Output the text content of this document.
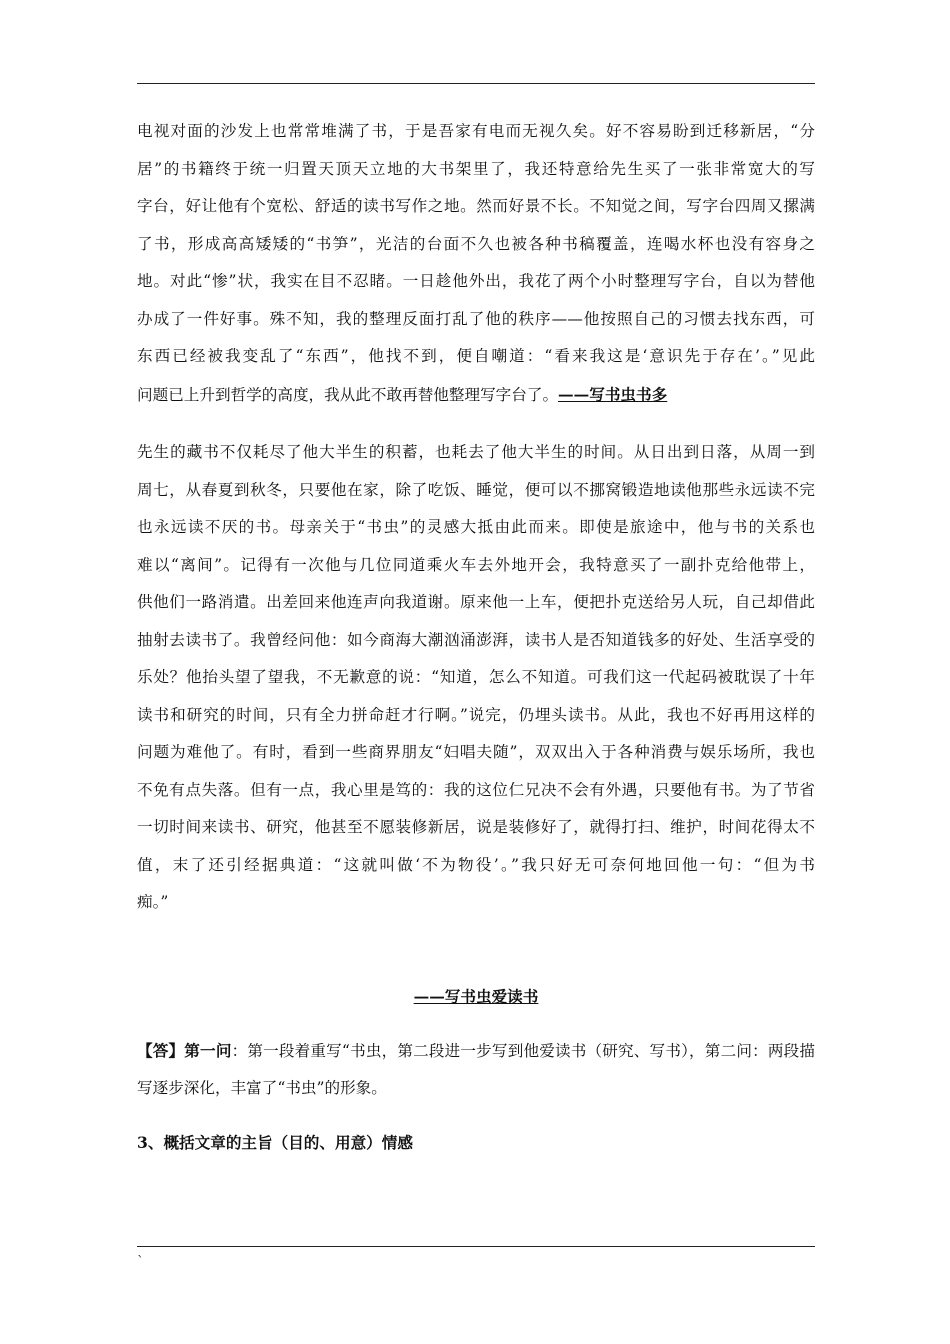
电视对面的沙发上也常常堆满了书，于是吾家有电而无视久矣。好不容易盼到迁移新居，“分
居”的书籍终于统一归置天顶天立地的大书架里了，我还特意给先生买了一张非常宽大的写
字台，好让他有个宽松、舒适的读书写作之地。然而好景不长。不知觉之间，写字台四周又摞满
了书，形成高高矮矮的“书笋”，光洁的台面不久也被各种书稿覆盖，连喝水杯也没有容身之
地。对此“惨”状，我实在目不忍睹。一日趁他外出，我花了两个小时整理写字台，自以为替他
办成了一件好事。殊不知，我的整理反面打乱了他的秩序——他按照自己的习惯去找东西，可
东西已经被我变乱了“东西”，他找不到，便自嘲道：“看来我这是‘意识先于存在’。”见此
问题已上升到哲学的高度，我从此不敢再替他整理写字台了。——写书虫书多
先生的藏书不仅耗尽了他大半生的积蓄，也耗去了他大半生的时间。从日出到日落，从周一到
周七，从春夏到秋冬，只要他在家，除了吃饭、睡觉，便可以不挪窝锻造地读他那些永远读不完
也永远读不厌的书。母亲关于“书虫”的灵感大抵由此而来。即使是旅途中，他与书的关系也
难以“离间”。记得有一次他与几位同道乘火车去外地开会，我特意买了一副扑克给他带上，
供他们一路消遣。出差回来他连声向我道谢。原来他一上车，便把扑克送给另人玩，自己却借此
抽射去读书了。我曾经问他：如今商海大潮汹涌澎湃，读书人是否知道钱多的好处、生活享受的
乐处？他抬头望了望我，不无歉意的说：“知道，怎么不知道。可我们这一代起码被耽误了十年
读书和研究的时间，只有全力拼命赶才行啊。”说完，仍埋头读书。从此，我也不好再用这样的
问题为难他了。有时，看到一些商界朋友“妇唱夫随”，双双出入于各种消费与娱乐场所，我也
不免有点失落。但有一点，我心里是笃的：我的这位仁兄决不会有外遇，只要他有书。为了节省
一切时间来读书、研究，他甚至不愿装修新居，说是装修好了，就得打扫、维护，时间花得太不
值，末了还引经据典道：“这就叫做‘不为物役’。”我只好无可奈何地回他一句：“但为书
痴。”
——写书虫爱读书
【答】第一问：第一段着重写“书虫，第二段进一步写到他爱读书（研究、写书），第二问：两段描
写逐步深化，丰富了“书虫”的形象。
3、概括文章的主旨（目的、用意）情感
`
